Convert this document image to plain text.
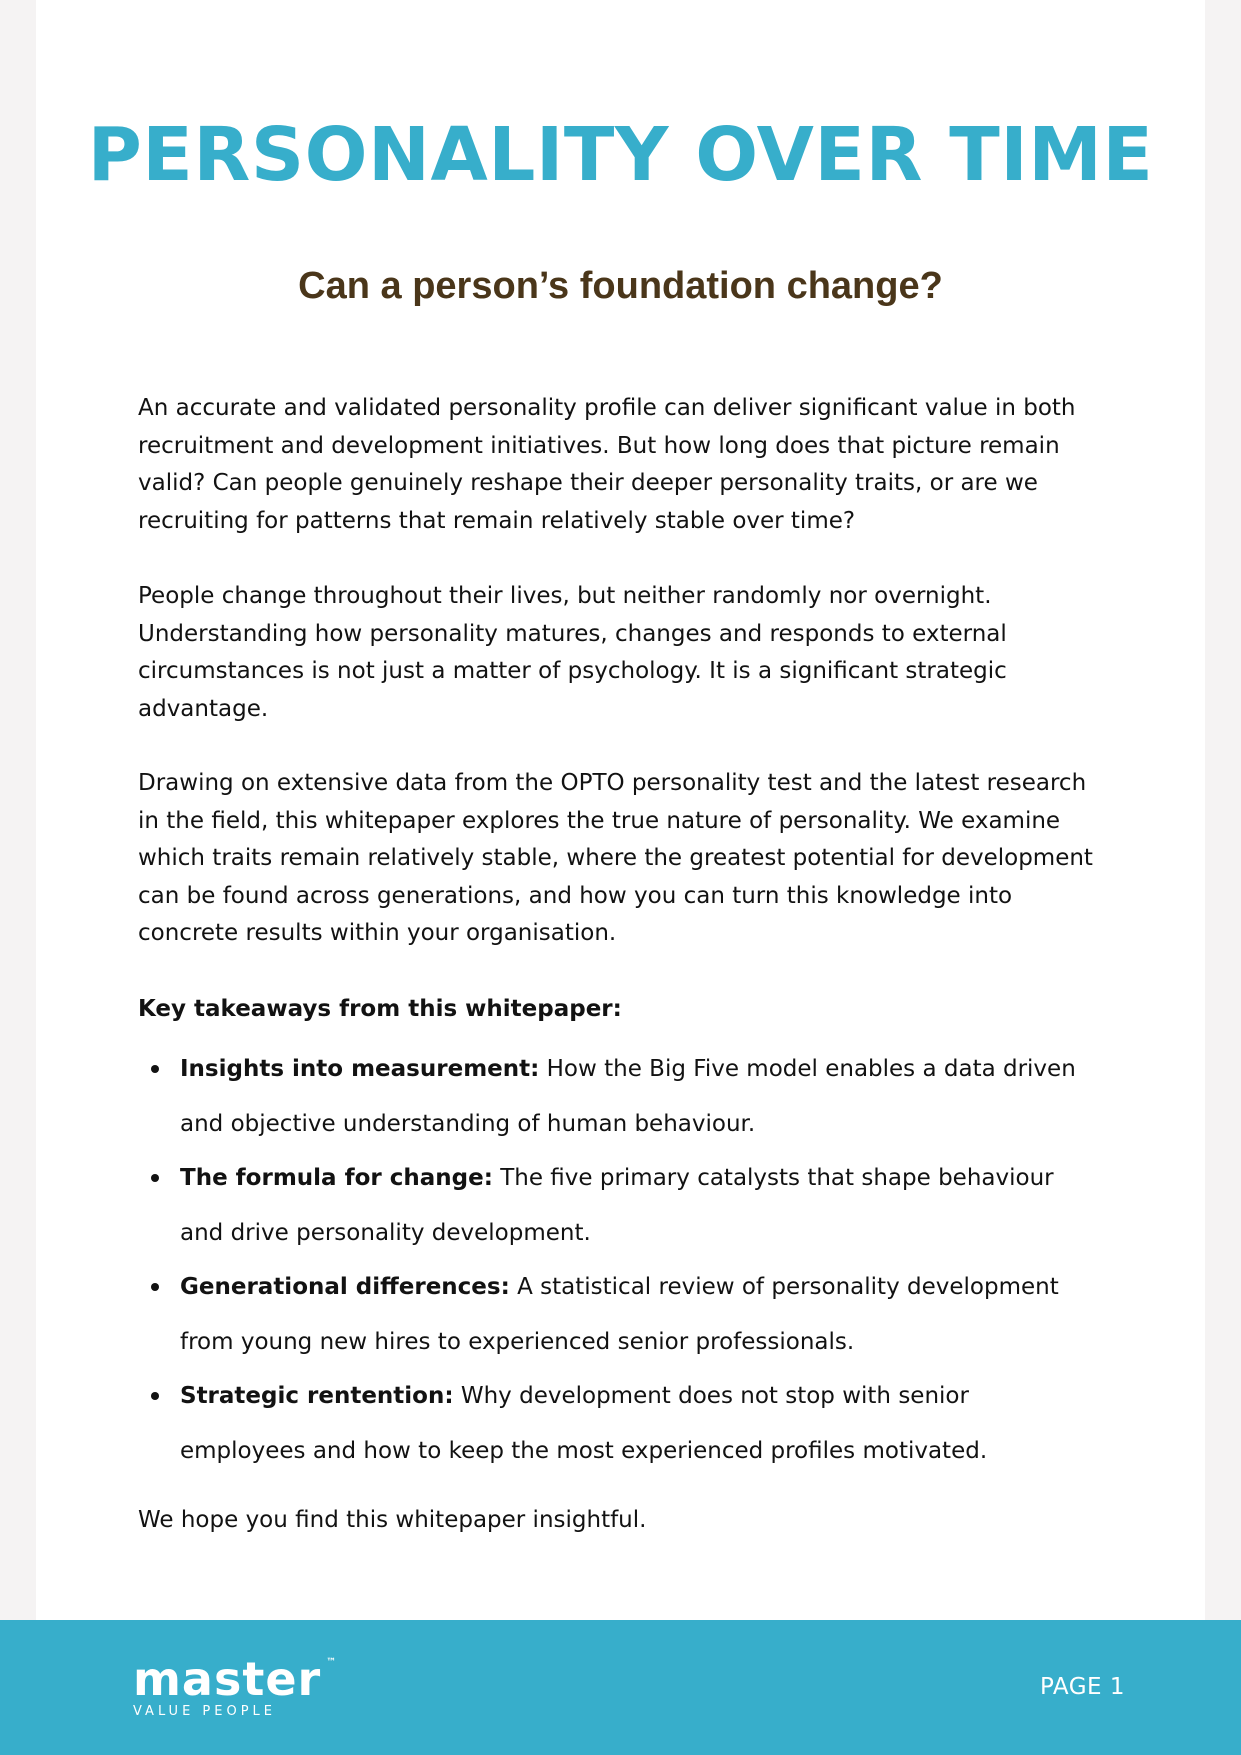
PERSONALITY OVER TIME
Can a person’s foundation change?

An accurate and validated personality profile can deliver significant value in both recruitment and development initiatives. But how long does that picture remain valid? Can people genuinely reshape their deeper personality traits, or are we recruiting for patterns that remain relatively stable over time?

People change throughout their lives, but neither randomly nor overnight. Understanding how personality matures, changes and responds to external circumstances is not just a matter of psychology. It is a significant strategic advantage.

Drawing on extensive data from the OPTO personality test and the latest research in the field, this whitepaper explores the true nature of personality. We examine which traits remain relatively stable, where the greatest potential for development can be found across generations, and how you can turn this knowledge into concrete results within your organisation.

Key takeaways from this whitepaper:

Insights into measurement: How the Big Five model enables a data driven and objective understanding of human behaviour.
The formula for change: The five primary catalysts that shape behaviour and drive personality development.
Generational differences: A statistical review of personality development from young new hires to experienced senior professionals.
Strategic rentention: Why development does not stop with senior employees and how to keep the most experienced profiles motivated.

We hope you find this whitepaper insightful.

master ™
VALUE PEOPLE
PAGE 1
